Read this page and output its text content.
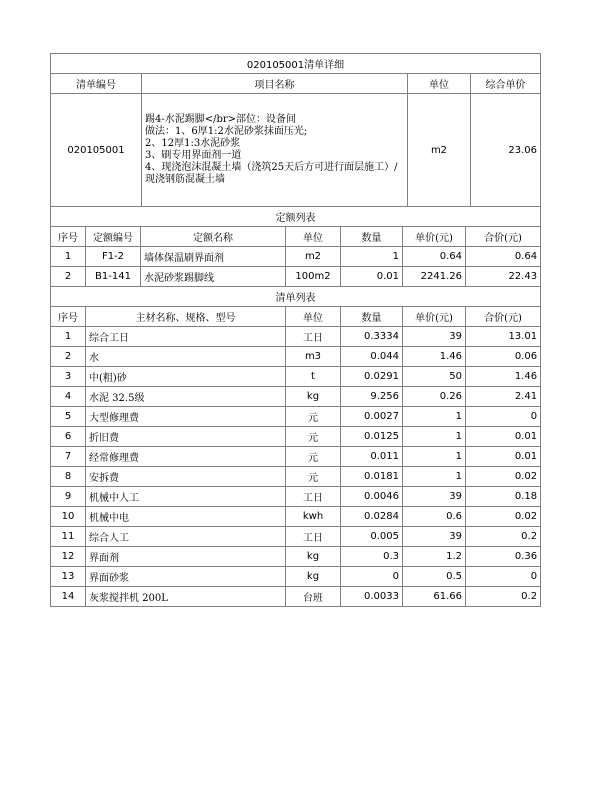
020105001清单详细			
清单编号	项目名称	单位	综合单价
020105001	踢4-水泥踢脚</br>部位：设备间
做法：1、6厚1:2水泥砂浆抹面压光;
2、12厚1:3水泥砂浆
3、刷专用界面剂一道
4、现浇泡沫混凝土墙（浇筑25天后方可进行面层施工）/现浇钢筋混凝土墙	m2	23.06
定额列表						
序号	定额编号	定额名称	单位	数量	单价(元)	合价(元)
1	F1-2	墙体保温刷界面剂	m2	1	0.64	0.64
2	B1-141	水泥砂浆踢脚线	100m2	0.01	2241.26	22.43
清单列表						
序号	主材名称、规格、型号		单位	数量	单价(元)	合价(元)
1	综合工日		工日	0.3334	39	13.01
2	水		m3	0.044	1.46	0.06
3	中(粗)砂		t	0.0291	50	1.46
4	水泥 32.5级		kg	9.256	0.26	2.41
5	大型修理费		元	0.0027	1	0
6	折旧费		元	0.0125	1	0.01
7	经常修理费		元	0.011	1	0.01
8	安拆费		元	0.0181	1	0.02
9	机械中人工		工日	0.0046	39	0.18
10	机械中电		kwh	0.0284	0.6	0.02
11	综合人工		工日	0.005	39	0.2
12	界面剂		kg	0.3	1.2	0.36
13	界面砂浆		kg	0	0.5	0
14	灰浆搅拌机 200L		台班	0.0033	61.66	0.2
